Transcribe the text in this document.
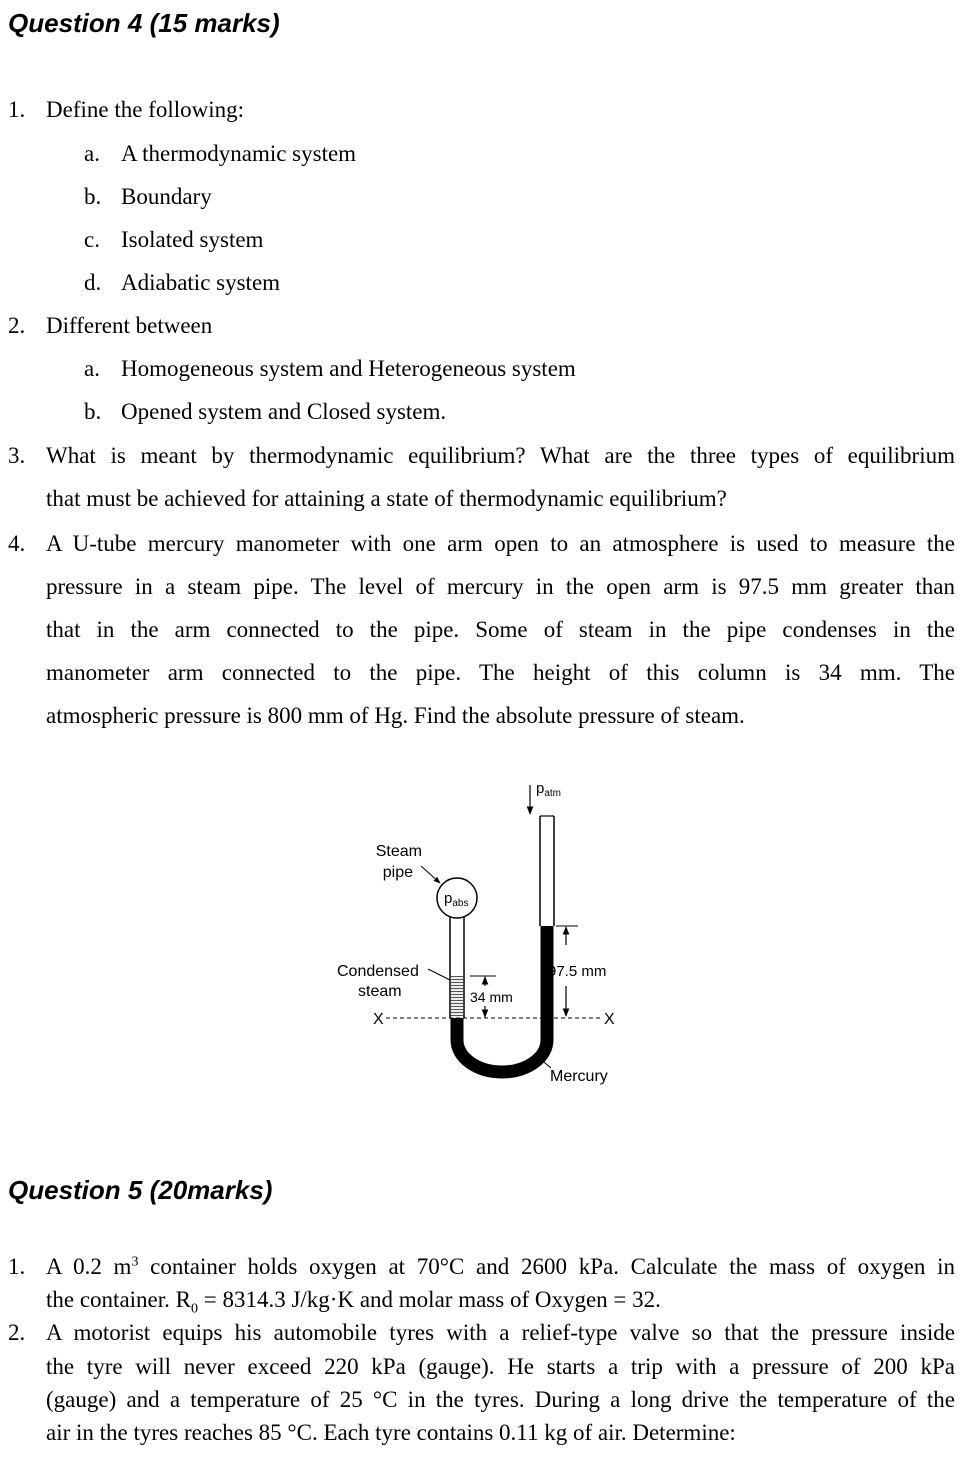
Question 4 (15 marks)
1. Define the following:
a. A thermodynamic system
b. Boundary
c. Isolated system
d. Adiabatic system
2. Different between
a. Homogeneous system and Heterogeneous system
b. Opened system and Closed system.
3. What is meant by thermodynamic equilibrium? What are the three types of equilibrium
that must be achieved for attaining a state of thermodynamic equilibrium?
4. A U-tube mercury manometer with one arm open to an atmosphere is used to measure the
pressure in a steam pipe. The level of mercury in the open arm is 97.5 mm greater than
that in the arm connected to the pipe. Some of steam in the pipe condenses in the
manometer arm connected to the pipe. The height of this column is 34 mm. The
atmospheric pressure is 800 mm of Hg. Find the absolute pressure of steam.
$p_{abs}$
$p_{atm}$
Steam
pipe
Condensed
steam
X	X
34 mm
97.5 mm
Mercury
Question 5 (20marks)
1. A 0.2 $m^3$ container holds oxygen at 70°C and 2600 kPa. Calculate the mass of oxygen in
the container. $R_0 = 8314.3$ J/kg·K and molar mass of Oxygen = 32.
2. A motorist equips his automobile tyres with a relief-type valve so that the pressure inside
the tyre will never exceed 220 kPa (gauge). He starts a trip with a pressure of 200 kPa
(gauge) and a temperature of 25 °C in the tyres. During a long drive the temperature of the
air in the tyres reaches 85 °C. Each tyre contains 0.11 kg of air. Determine:
